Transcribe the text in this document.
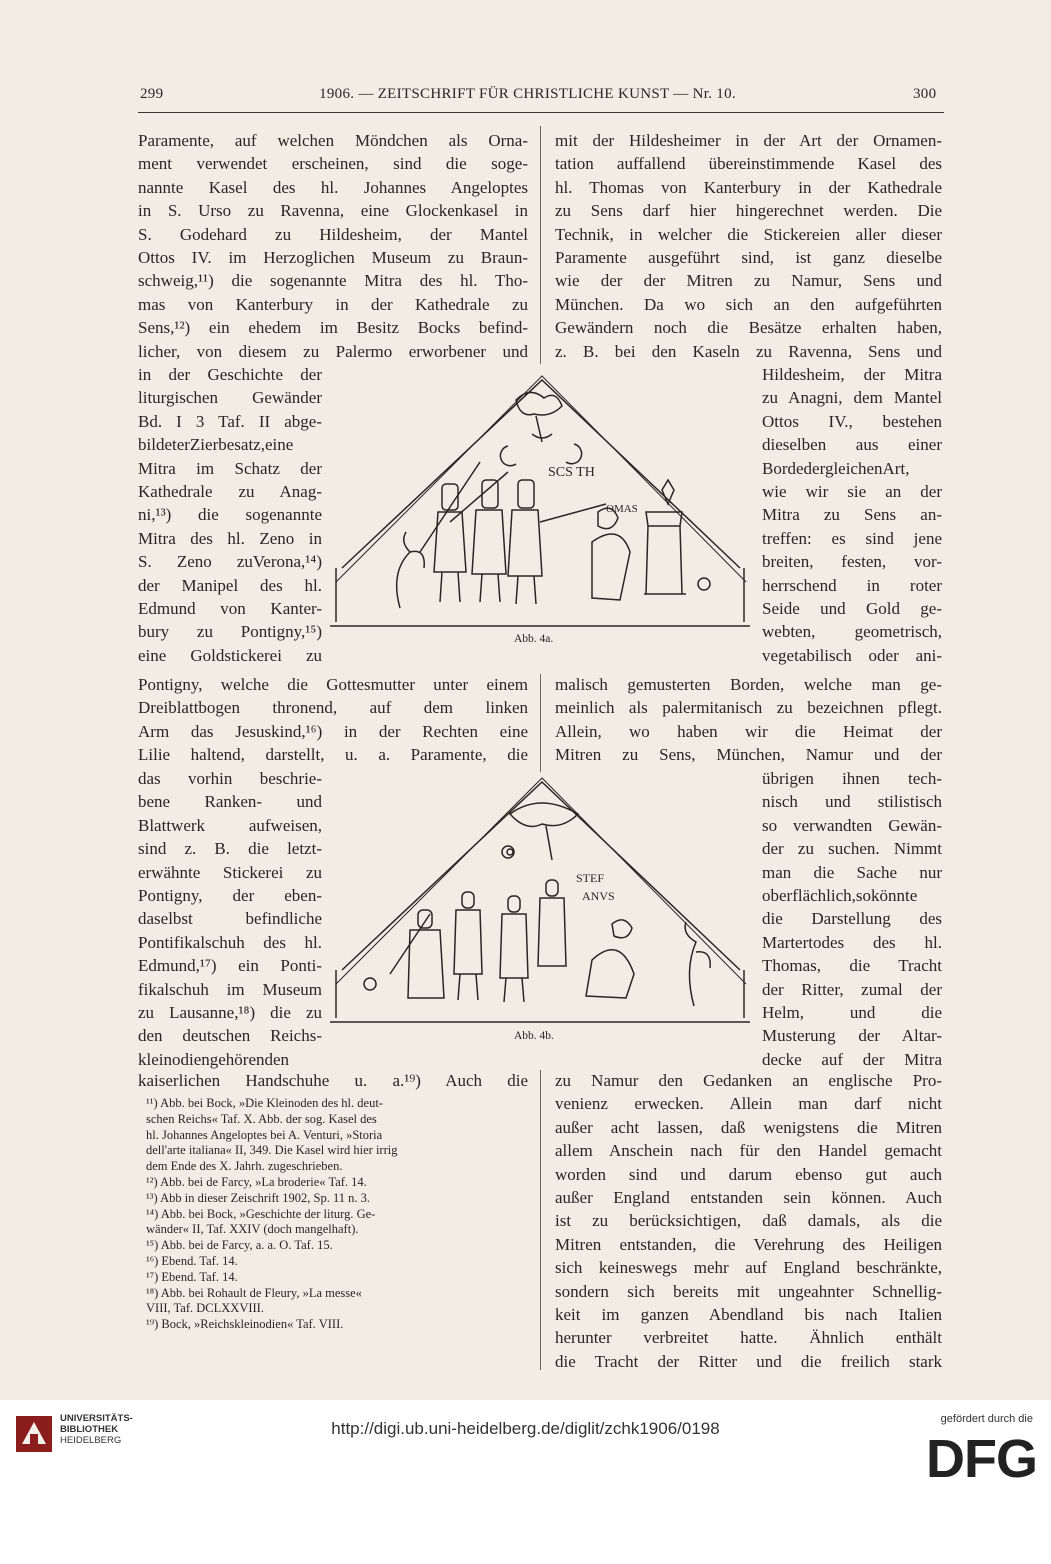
299	1906. — ZEITSCHRIFT FÜR CHRISTLICHE KUNST — Nr. 10.	300
Paramente, auf welchen Möndchen als Orna-
ment verwendet erscheinen, sind die soge-
nannte Kasel des hl. Johannes Angeloptes
in S. Urso zu Ravenna, eine Glockenkasel in
S. Godehard zu Hildesheim, der Mantel
Ottos IV. im Herzoglichen Museum zu Braun-
schweig,¹¹) die sogenannte Mitra des hl. Tho-
mas von Kanterbury in der Kathedrale zu
Sens,¹²) ein ehedem im Besitz Bocks befind-
licher, von diesem zu Palermo erworbener und
in der Geschichte der
liturgischen Gewänder
Bd. I 3 Taf. II abge-
bildeterZierbesatz,eine
Mitra im Schatz der
Kathedrale zu Anag-
ni,¹³) die sogenannte
Mitra des hl. Zeno in
S. Zeno zuVerona,¹⁴)
der Manipel des hl.
Edmund von Kanter-
bury zu Pontigny,¹⁵)
eine Goldstickerei zu
Pontigny, welche die Gottesmutter unter einem
Dreiblattbogen thronend, auf dem linken
Arm das Jesuskind,¹⁶) in der Rechten eine
Lilie haltend, darstellt, u. a. Paramente, die
das vorhin beschrie-
bene Ranken- und
Blattwerk aufweisen,
sind z. B. die letzt-
erwähnte Stickerei zu
Pontigny, der eben-
daselbst befindliche
Pontifikalschuh des hl.
Edmund,¹⁷) ein Ponti-
fikalschuh im Museum
zu Lausanne,¹⁸) die zu
den deutschen Reichs-
kleinodiengehörenden
kaiserlichen Handschuhe u. a.¹⁹) Auch die
mit der Hildesheimer in der Art der Ornamen-
tation auffallend übereinstimmende Kasel des
hl. Thomas von Kanterbury in der Kathedrale
zu Sens darf hier hingerechnet werden. Die
Technik, in welcher die Stickereien aller dieser
Paramente ausgeführt sind, ist ganz dieselbe
wie der der Mitren zu Namur, Sens und
München. Da wo sich an den aufgeführten
Gewändern noch die Besätze erhalten haben,
z. B. bei den Kaseln zu Ravenna, Sens und
Hildesheim, der Mitra
zu Anagni, dem Mantel
Ottos IV., bestehen
dieselben aus einer
BordedergleichenArt,
wie wir sie an der
Mitra zu Sens an-
treffen: es sind jene
breiten, festen, vor-
herrschend in roter
Seide und Gold ge-
webten, geometrisch,
vegetabilisch oder ani-
malisch gemusterten Borden, welche man ge-
meinlich als palermitanisch zu bezeichnen pflegt.
Allein, wo haben wir die Heimat der
Mitren zu Sens, München, Namur und der
übrigen ihnen tech-
nisch und stilistisch
so verwandten Gewän-
der zu suchen. Nimmt
man die Sache nur
oberflächlich,sokönnte
die Darstellung des
Martertodes des hl.
Thomas, die Tracht
der Ritter, zumal der
Helm, und die
Musterung der Altar-
decke auf der Mitra
zu Namur den Gedanken an englische Pro-
venienz erwecken. Allein man darf nicht
außer acht lassen, daß wenigstens die Mitren
allem Anschein nach für den Handel gemacht
worden sind und darum ebenso gut auch
außer England entstanden sein können. Auch
ist zu berücksichtigen, daß damals, als die
Mitren entstanden, die Verehrung des Heiligen
sich keineswegs mehr auf England beschränkte,
sondern sich bereits mit ungeahnter Schnellig-
keit im ganzen Abendland bis nach Italien
herunter verbreitet hatte. Ähnlich enthält
die Tracht der Ritter und die freilich stark
¹¹) Abb. bei Bock, »Die Kleinoden des hl. deut-
schen Reichs« Taf. X. Abb. der sog. Kasel des
hl. Johannes Angeloptes bei A. Venturi, »Storia
dell'arte italiana« II, 349. Die Kasel wird hier irrig
dem Ende des X. Jahrh. zugeschrieben.
¹²) Abb. bei de Farcy, »La broderie« Taf. 14.
¹³) Abb in dieser Zeischrift 1902, Sp. 11 n. 3.
¹⁴) Abb. bei Bock, »Geschichte der liturg. Ge-
wänder« II, Taf. XXIV (doch mangelhaft).
¹⁵) Abb. bei de Farcy, a. a. O. Taf. 15.
¹⁶) Ebend. Taf. 14.
¹⁷) Ebend. Taf. 14.
¹⁸) Abb. bei Rohault de Fleury, »La messe«
VIII, Taf. DCLXXVIII.
¹⁹) Bock, »Reichskleinodien« Taf. VIII.
SCS TH
OMAS
Abb. 4a.
STEF
ANVS
Abb. 4b.
UNIVERSITÄTS-
BIBLIOTHEK
HEIDELBERG
http://digi.ub.uni-heidelberg.de/diglit/zchk1906/0198	gefördert durch die
DFG
